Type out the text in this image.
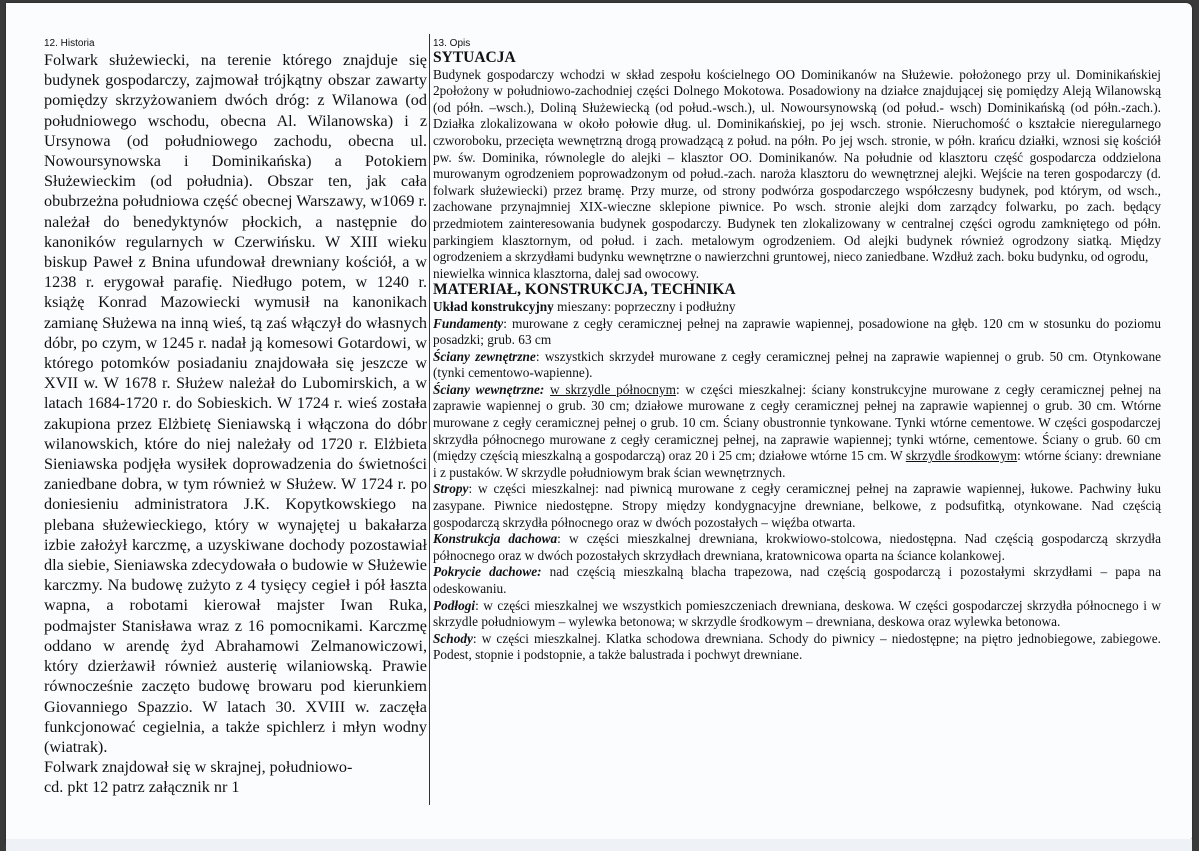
12. Historia

Folwark służewiecki, na terenie którego znajduje się budynek gospodarczy, zajmował trójkątny obszar zawarty pomiędzy skrzyżowaniem dwóch dróg: z Wilanowa (od południowego wschodu, obecna Al. Wilanowska) i z Ursynowa (od południowego zachodu, obecna ul. Nowoursynowska i Dominikańska) a Potokiem Służewieckim (od południa). Obszar ten, jak cała obubrzeżna południowa część obecnej Warszawy, w1069 r. należał do benedyktynów płockich, a następnie do kanoników regularnych w Czerwińsku. W XIII wieku biskup Paweł z Bnina ufundował drewniany kościół, a w 1238 r. erygował parafię. Niedługo potem, w 1240 r. książę Konrad Mazowiecki wymusił na kanonikach zamianę Służewa na inną wieś, tą zaś włączył do własnych dóbr, po czym, w 1245 r. nadał ją komesowi Gotardowi, w którego potomków posiadaniu znajdowała się jeszcze w XVII w. W 1678 r. Służew należał do Lubomirskich, a w latach 1684-1720 r. do Sobieskich. W 1724 r. wieś została zakupiona przez Elżbietę Sieniawską i włączona do dóbr wilanowskich, które do niej należały od 1720 r. Elżbieta Sieniawska podjęła wysiłek doprowadzenia do świetności zaniedbane dobra, w tym również w Służew. W 1724 r. po doniesieniu administratora J.K. Kopytkowskiego na plebana służewieckiego, który w wynajętej u bakałarza izbie założył karczmę, a uzyskiwane dochody pozostawiał dla siebie, Sieniawska zdecydowała o budowie w Służewie karczmy. Na budowę zużyto z 4 tysięcy cegieł i pół łaszta wapna, a robotami kierował majster Iwan Ruka, podmajster Stanisława wraz z 16 pomocnikami. Karczmę oddano w arendę żyd Abrahamowi Zelmanowiczowi, który dzierżawił również austerię wilaniowską. Prawie równocześnie zaczęto budowę browaru pod kierunkiem Giovanniego Spazzio. W latach 30. XVIII w. zaczęła funkcjonować cegielnia, a także spichlerz i młyn wodny (wiatrak).

Folwark znajdował się w skrajnej, południowo-

cd. pkt 12 patrz załącznik nr 1

13. Opis

SYTUACJA

Budynek gospodarczy wchodzi w skład zespołu kościelnego OO Dominikanów na Służewie. położonego przy ul. Dominikańskiej 2położony w południowo-zachodniej części Dolnego Mokotowa. Posadowiony na działce znajdującej się pomiędzy Aleją Wilanowską (od półn. –wsch.), Doliną Służewiecką (od połud.-wsch.), ul. Nowoursynowską (od połud.- wsch) Dominikańską (od półn.-zach.). Działka zlokalizowana w około połowie dług. ul. Dominikańskiej, po jej wsch. stronie. Nieruchomość o kształcie nieregularnego czworoboku, przecięta wewnętrzną drogą prowadzącą z połud. na półn. Po jej wsch. stronie, w półn. krańcu działki, wznosi się kościół pw. św. Dominika, równolegle do alejki – klasztor OO. Dominikanów. Na południe od klasztoru część gospodarcza oddzielona murowanym ogrodzeniem poprowadzonym od połud.-zach. naroża klasztoru do wewnętrznej alejki. Wejście na teren gospodarczy (d. folwark służewiecki) przez bramę. Przy murze, od strony podwórza gospodarczego współczesny budynek, pod którym, od wsch., zachowane przynajmniej XIX-wieczne sklepione piwnice. Po wsch. stronie alejki dom zarządcy folwarku, po zach. będący przedmiotem zainteresowania budynek gospodarczy. Budynek ten zlokalizowany w centralnej części ogrodu zamkniętego od półn. parkingiem klasztornym, od połud. i zach. metalowym ogrodzeniem. Od alejki budynek również ogrodzony siatką. Między ogrodzeniem a skrzydłami budynku wewnętrzne o nawierzchni gruntowej, nieco zaniedbane. Wzdłuż zach. boku budynku, od ogrodu,

niewielka winnica klasztorna, dalej sad owocowy.

MATERIAŁ, KONSTRUKCJA, TECHNIKA

Układ konstrukcyjny mieszany: poprzeczny i podłużny

Fundamenty: murowane z cegły ceramicznej pełnej na zaprawie wapiennej, posadowione na głęb. 120 cm w stosunku do poziomu posadzki; grub. 63 cm

Ściany zewnętrzne: wszystkich skrzydeł murowane z cegły ceramicznej pełnej na zaprawie wapiennej o grub. 50 cm. Otynkowane (tynki cementowo-wapienne).

Ściany wewnętrzne: w skrzydle północnym: w części mieszkalnej: ściany konstrukcyjne murowane z cegły ceramicznej pełnej na zaprawie wapiennej o grub. 30 cm; działowe murowane z cegły ceramicznej pełnej na zaprawie wapiennej o grub. 30 cm. Wtórne murowane z cegły ceramicznej pełnej o grub. 10 cm. Ściany obustronnie tynkowane. Tynki wtórne cementowe. W części gospodarczej skrzydła północnego murowane z cegły ceramicznej pełnej, na zaprawie wapiennej; tynki wtórne, cementowe. Ściany o grub. 60 cm (między częścią mieszkalną a gospodarczą) oraz 20 i 25 cm; działowe wtórne 15 cm. W skrzydle środkowym: wtórne ściany: drewniane i z pustaków. W skrzydle południowym brak ścian wewnętrznych.

Stropy: w części mieszkalnej: nad piwnicą murowane z cegły ceramicznej pełnej na zaprawie wapiennej, łukowe. Pachwiny łuku zasypane. Piwnice niedostępne. Stropy między kondygnacyjne drewniane, belkowe, z podsufitką, otynkowane. Nad częścią gospodarczą skrzydła północnego oraz w dwóch pozostałych – więźba otwarta.

Konstrukcja dachowa: w części mieszkalnej drewniana, krokwiowo-stolcowa, niedostępna. Nad częścią gospodarczą skrzydła północnego oraz w dwóch pozostałych skrzydłach drewniana, kratownicowa oparta na ściance kolankowej.

Pokrycie dachowe: nad częścią mieszkalną blacha trapezowa, nad częścią gospodarczą i pozostałymi skrzydłami – papa na odeskowaniu.

Podłogi: w części mieszkalnej we wszystkich pomieszczeniach drewniana, deskowa. W części gospodarczej skrzydła północnego i w skrzydle południowym – wylewka betonowa; w skrzydle środkowym – drewniana, deskowa oraz wylewka betonowa.

Schody: w części mieszkalnej. Klatka schodowa drewniana. Schody do piwnicy – niedostępne; na piętro jednobiegowe, zabiegowe. Podest, stopnie i podstopnie, a także balustrada i pochwyt drewniane.
